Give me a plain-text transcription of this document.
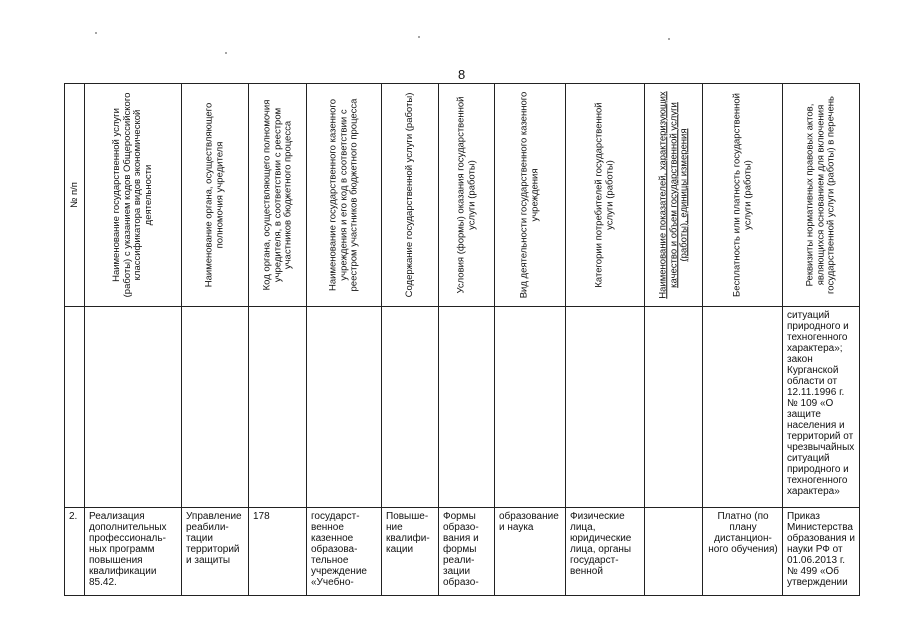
8
№ п/п	Наименование государственной услуги (работы) с указанием кодов Общероссийского классификатора видов экономической деятельности	Наименование органа, осуществляющего полномочия учредителя	Код органа, осуществляющего полномочия учредителя, в соответствии с реестром участников бюджетного процесса	Наименование государственного казенного учреждения и его код в соответствии с реестром участников бюджетного процесса	Содержание государственной услуги (работы)	Условия (формы) оказания государственной услуги (работы)	Вид деятельности государственного казенного учреждения	Категории потребителей государственной услуги (работы)	Наименование показателей, характеризующих качество и объем государственной услуги (работы), единицы измерения	Бесплатность или платность государственной услуги (работы)	Реквизиты нормативных правовых актов, являющихся основанием для включения государственной услуги (работы) в перечень

											ситуаций природного и техногенного характера»; закон Курганской области от 12.11.1996 г. № 109 «О защите населения и территорий от чрезвычайных ситуаций природного и техногенного характера»

2.	Реализация дополнительных профессиональных программ повышения квалификации 85.42.	Управление реабилитации территорий и защиты	178	государственное казенное образовательное учреждение «Учебно-	Повышение квалификации	Формы образования и формы реализации образо-	образование и наука	Физические лица, юридические лица, органы государственной		Платно (по плану дистанционного обучения)	Приказ Министерства образования и науки РФ от 01.06.2013 г. № 499 «Об утверждении
